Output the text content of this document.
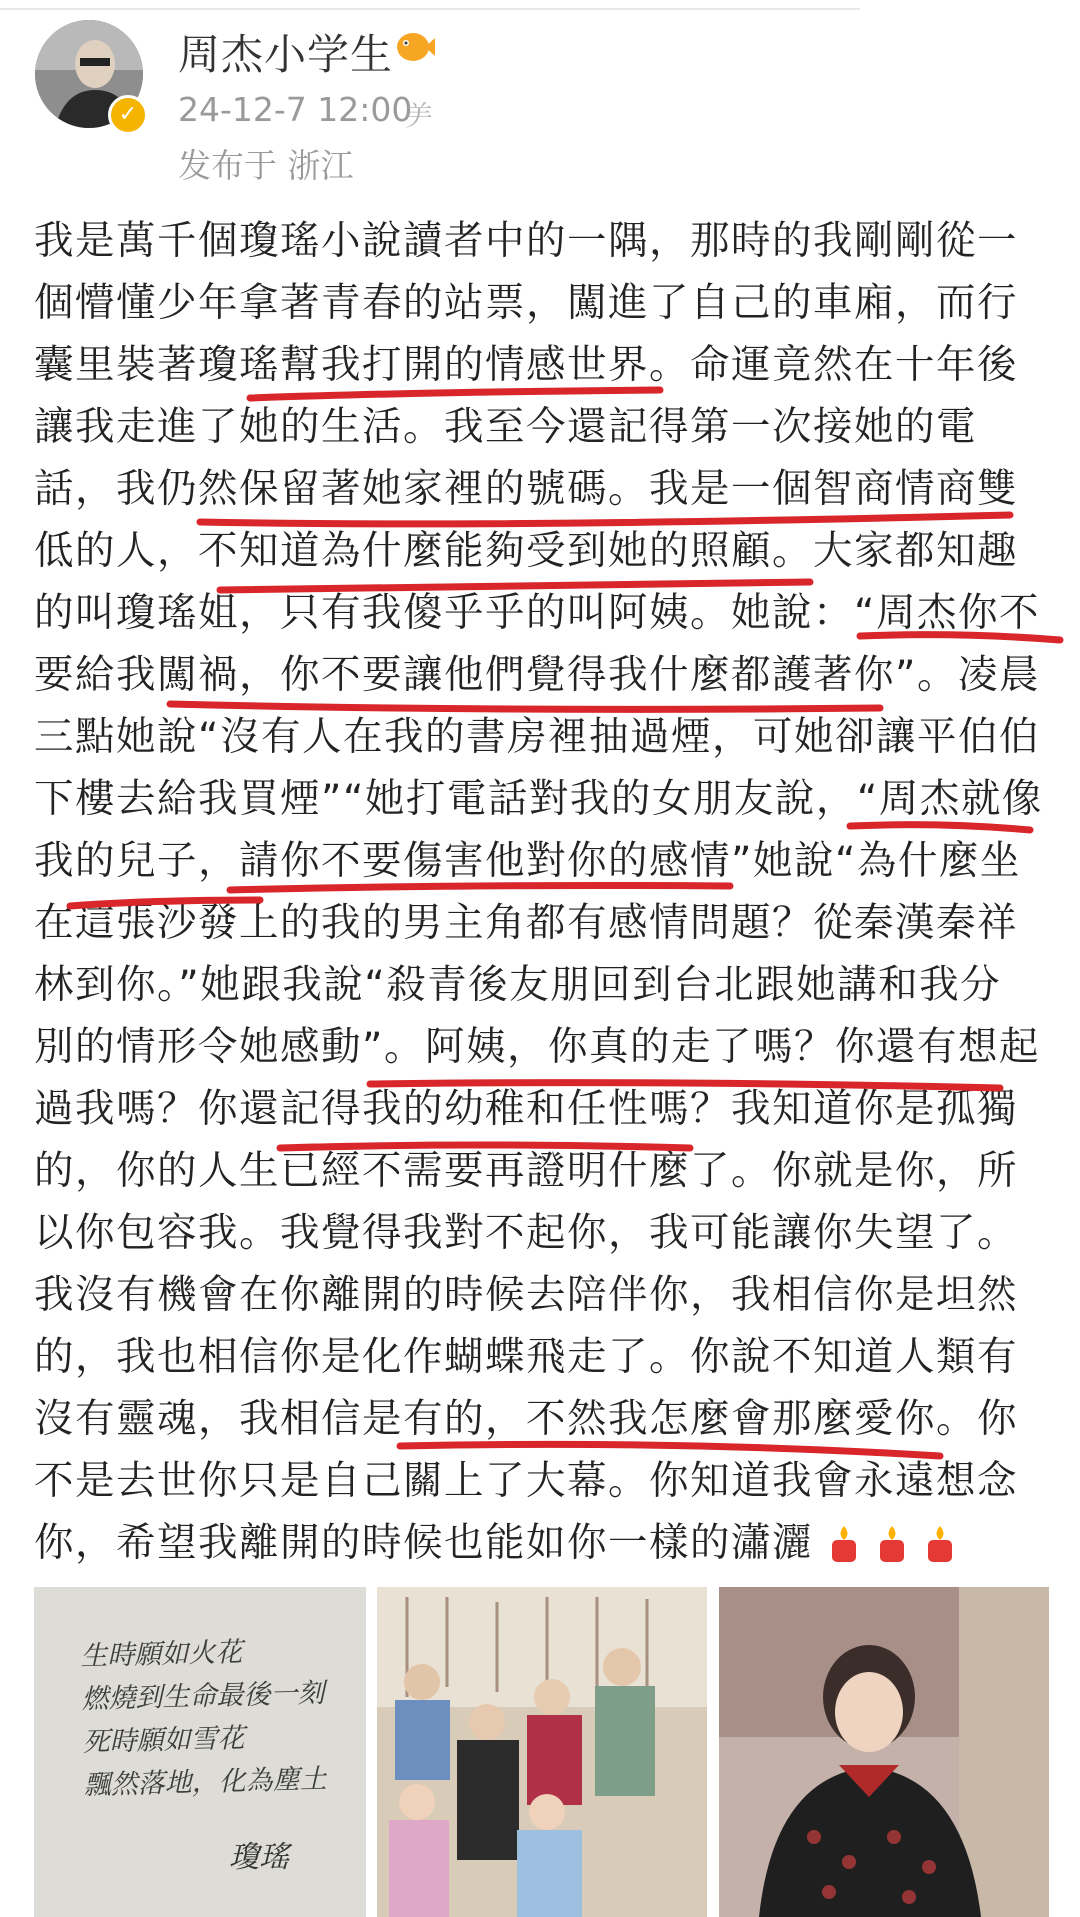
✓
周杰小学生
24-12-7 12:00
⺶
发布于 浙江
我是萬千個瓊瑤小說讀者中的一隅，那時的我剛剛從一
個懵懂少年拿著青春的站票，闖進了自己的車廂，而行
囊里裝著瓊瑤幫我打開的情感世界。命運竟然在十年後
讓我走進了她的生活。我至今還記得第一次接她的電
話，我仍然保留著她家裡的號碼。我是一個智商情商雙
低的人，不知道為什麼能夠受到她的照顧。大家都知趣
的叫瓊瑤姐，只有我傻乎乎的叫阿姨。她說：“周杰你不
要給我闖禍，你不要讓他們覺得我什麼都護著你”。凌晨
三點她說“沒有人在我的書房裡抽過煙，可她卻讓平伯伯
下樓去給我買煙”“她打電話對我的女朋友說，“周杰就像
我的兒子，請你不要傷害他對你的感情”她說“為什麼坐
在這張沙發上的我的男主角都有感情問題？從秦漢秦祥
林到你。”她跟我說“殺青後友朋回到台北跟她講和我分
別的情形令她感動”。阿姨，你真的走了嗎？你還有想起
過我嗎？你還記得我的幼稚和任性嗎？我知道你是孤獨
的，你的人生已經不需要再證明什麼了。你就是你，所
以你包容我。我覺得我對不起你，我可能讓你失望了。
我沒有機會在你離開的時候去陪伴你，我相信你是坦然
的，我也相信你是化作蝴蝶飛走了。你說不知道人類有
沒有靈魂，我相信是有的，不然我怎麼會那麼愛你。你
不是去世你只是自己關上了大幕。你知道我會永遠想念
你，希望我離開的時候也能如你一樣的瀟灑
生時願如火花
燃燒到生命最後一刻
死時願如雪花
飄然落地，化為塵土
瓊瑤
